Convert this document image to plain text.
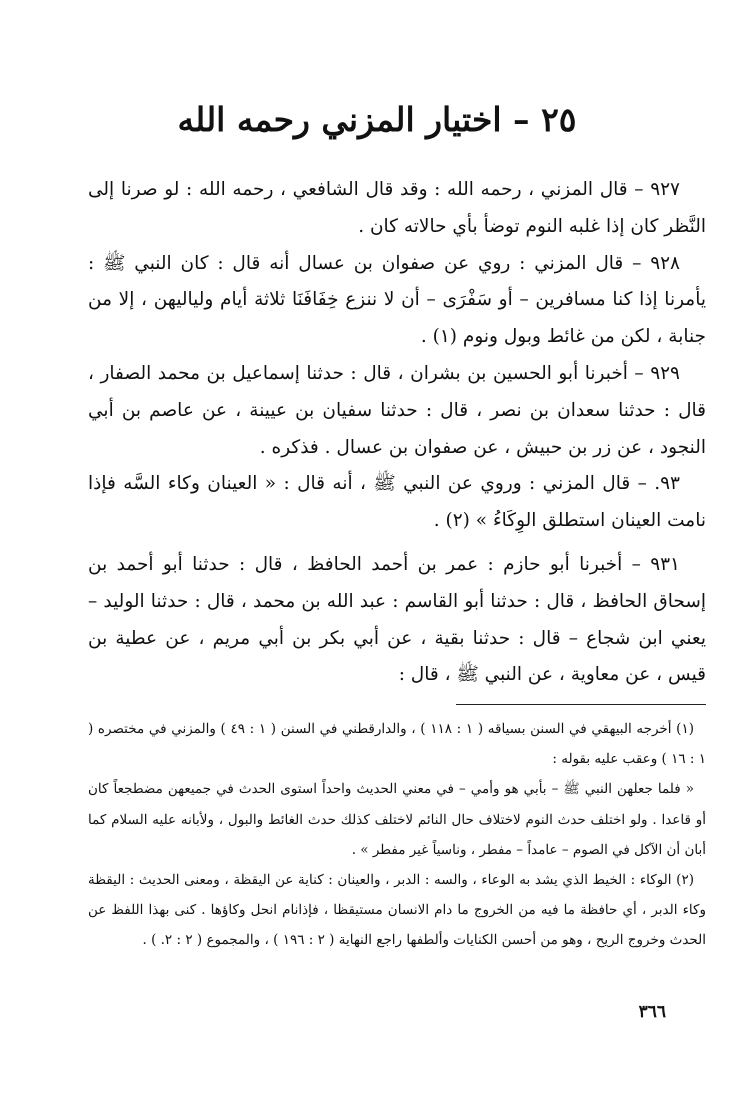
٢٥ – اختيار المزني رحمه الله

٩٢٧ – قال المزني ، رحمه الله : وقد قال الشافعي ، رحمه الله : لو صرنا إلى النَّظر كان إذا غلبه النوم توضأ بأي حالاته كان .

٩٢٨ – قال المزني : روي عن صفوان بن عسال أنه قال : كان النبي ﷺ : يأمرنا إذا كنا مسافرين – أو سَفْرَى – أن لا ننزع خِفَافَنَا ثلاثة أيام ولياليهن ، إلا من جنابة ، لكن من غائط وبول ونوم (١) .

٩٢٩ – أخبرنا أبو الحسين بن بشران ، قال : حدثنا إسماعيل بن محمد الصفار ، قال : حدثنا سعدان بن نصر ، قال : حدثنا سفيان بن عيينة ، عن عاصم بن أبي النجود ، عن زر بن حبيش ، عن صفوان بن عسال . فذكره .

٩٣. – قال المزني : وروي عن النبي ﷺ ، أنه قال : « العينان وكاء السَّه فإذا نامت العينان استطلق الوِكَاءُ » (٢) .

٩٣١ – أخبرنا أبو حازم : عمر بن أحمد الحافظ ، قال : حدثنا أبو أحمد بن إسحاق الحافظ ، قال : حدثنا أبو القاسم : عبد الله بن محمد ، قال : حدثنا الوليد – يعني ابن شجاع – قال : حدثنا بقية ، عن أبي بكر بن أبي مريم ، عن عطية بن قيس ، عن معاوية ، عن النبي ﷺ ، قال :

(١) أخرجه البيهقي في السنن بسياقه ( ١ : ١١٨ ) ، والدارقطني في السنن ( ١ : ٤٩ ) والمزني في مختصره ( ١ : ١٦ ) وعقب عليه بقوله :

« فلما جعلهن النبي ﷺ – بأبي هو وأمي – في معني الحديث واحداً استوى الحدث في جميعهن مضطجعاً كان أو قاعدا . ولو اختلف حدث النوم لاختلاف حال النائم لاختلف كذلك حدث الغائط والبول ، ولأبانه عليه السلام كما أبان أن الآكل في الصوم – عامداً – مفطر ، وناسياً غير مفطر » .

(٢) الوكاء : الخيط الذي يشد به الوعاء ، والسه : الدبر ، والعينان : كناية عن اليقظة ، ومعنى الحديث : اليقظة وكاء الدبر ، أي حافظة ما فيه من الخروج ما دام الانسان مستيقظا ، فإذانام انحل وكاؤها . كنى بهذا اللفظ عن الحدث وخروج الريح ، وهو من أحسن الكنايات وألطفها راجع النهاية ( ٢ : ١٩٦ ) ، والمجموع ( ٢ : ٢. ) .

٣٦٦
